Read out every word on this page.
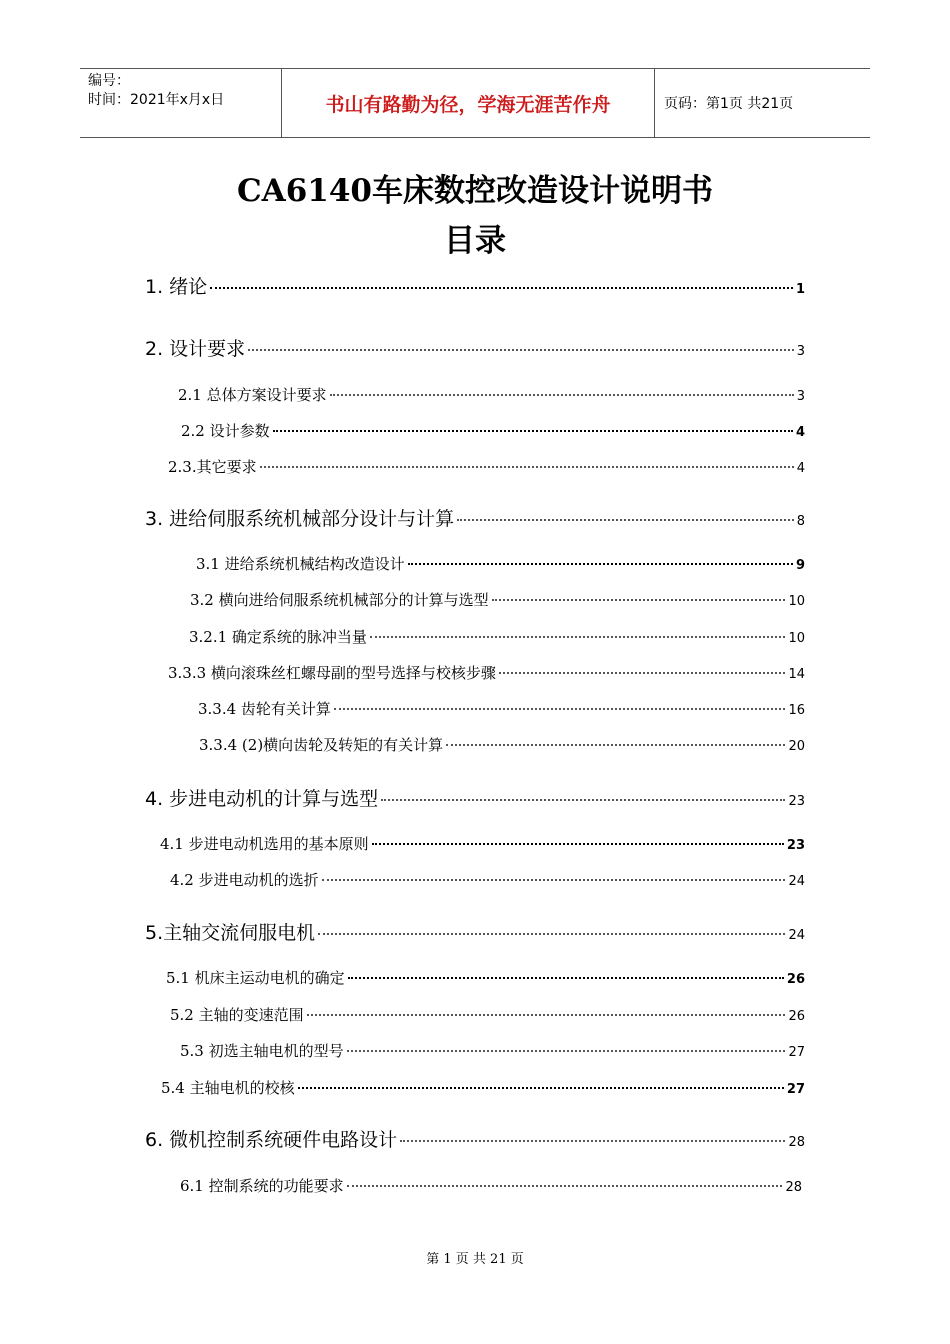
编号：
时间：2021年x月x日	书山有路勤为径，学海无涯苦作舟	页码：第1页 共21页
CA6140车床数控改造设计说明书
目录
1. 绪论	1
2. 设计要求	3
2.1 总体方案设计要求	3
2.2 设计参数	4
2.3.其它要求	4
3. 进给伺服系统机械部分设计与计算	8
3.1 进给系统机械结构改造设计	9
3.2 横向进给伺服系统机械部分的计算与选型	10
3.2.1 确定系统的脉冲当量	10
3.3.3 横向滚珠丝杠螺母副的型号选择与校核步骤	14
3.3.4 齿轮有关计算	16
3.3.4 (2)横向齿轮及转矩的有关计算	20
4. 步进电动机的计算与选型	23
4.1 步进电动机选用的基本原则	23
4.2 步进电动机的选折	24
5.主轴交流伺服电机	24
5.1 机床主运动电机的确定	26
5.2 主轴的变速范围	26
5.3 初选主轴电机的型号	27
5.4 主轴电机的校核	27
6. 微机控制系统硬件电路设计	28
6.1 控制系统的功能要求	28
第 1 页 共 21 页
